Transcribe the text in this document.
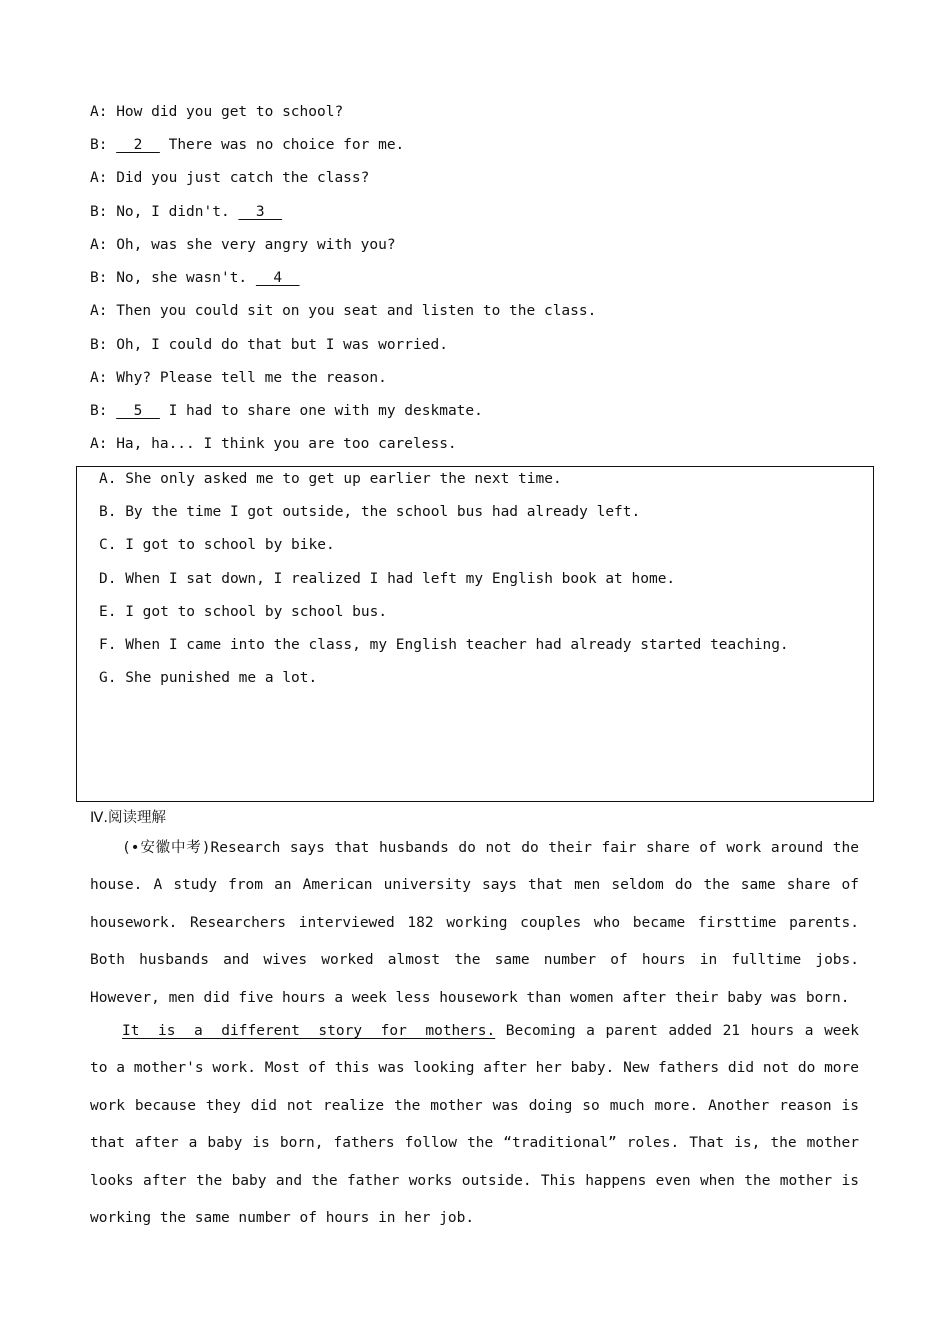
A: How did you get to school?
B:   2   There was no choice for me.
A: Did you just catch the class?
B: No, I didn't.   3
A: Oh, was she very angry with you?
B: No, she wasn't.   4
A: Then you could sit on you seat and listen to the class.
B: Oh, I could do that but I was worried.
A: Why? Please tell me the reason.
B:   5   I had to share one with my deskmate.
A: Ha, ha... I think you are too careless.
A. She only asked me to get up earlier the next time.
B. By the time I got outside, the school bus had already left.
C. I got to school by bike.
D. When I sat down, I realized I had left my English book at home.
E. I got to school by school bus.
F. When I came into the class, my English teacher had already started teaching.
G. She punished me a lot.
Ⅳ.阅读理解
(•安徽中考)Research says that husbands do not do their fair share of work around the house. A study from an American university says that men seldom do the same share of housework. Researchers interviewed 182 working couples who became firsttime parents. Both husbands and wives worked almost the same number of hours in fulltime jobs. However, men did five hours a week less housework than women after their baby was born.
It is a different story for mothers. Becoming a parent added 21 hours a week to a mother's work. Most of this was looking after her baby. New fathers did not do more work because they did not realize the mother was doing so much more. Another reason is that after a baby is born, fathers follow the “traditional” roles. That is, the mother looks after the baby and the father works outside. This happens even when the mother is working the same number of hours in her job.
